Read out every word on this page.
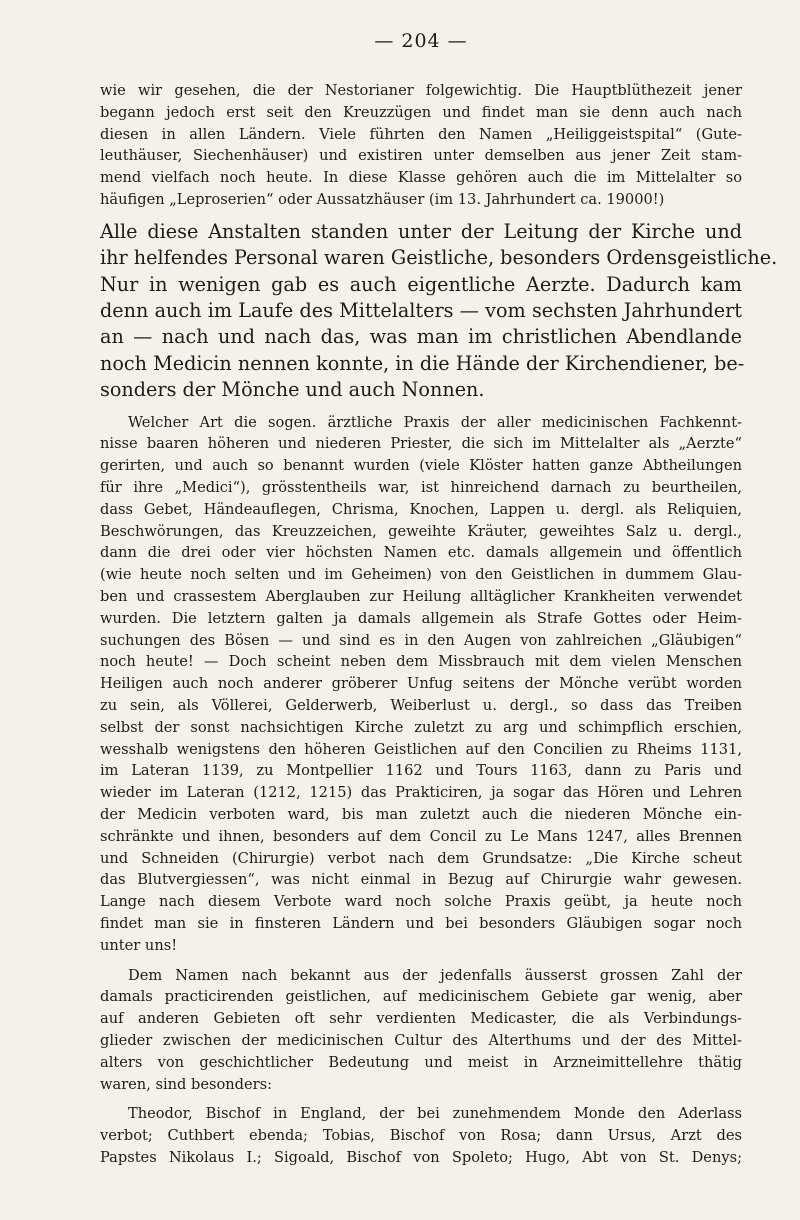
— 204 —
wie wir gesehen, die der Nestorianer folgewichtig. Die Hauptblüthezeit jener
begann jedoch erst seit den Kreuzzügen und findet man sie denn auch nach
diesen in allen Ländern. Viele führten den Namen „Heiliggeistspital“ (Gute-
leuthäuser, Siechenhäuser) und existiren unter demselben aus jener Zeit stam-
mend vielfach noch heute. In diese Klasse gehören auch die im Mittelalter so
häufigen „Leproserien“ oder Aussatzhäuser (im 13. Jahrhundert ca. 19000!)
Alle diese Anstalten standen unter der Leitung der Kirche und
ihr helfendes Personal waren Geistliche, besonders Ordensgeistliche.
Nur in wenigen gab es auch eigentliche Aerzte. Dadurch kam
denn auch im Laufe des Mittelalters — vom sechsten Jahrhundert
an — nach und nach das, was man im christlichen Abendlande
noch Medicin nennen konnte, in die Hände der Kirchendiener, be-
sonders der Mönche und auch Nonnen.
Welcher Art die sogen. ärztliche Praxis der aller medicinischen Fachkennt-
nisse baaren höheren und niederen Priester, die sich im Mittelalter als „Aerzte“
gerirten, und auch so benannt wurden (viele Klöster hatten ganze Abtheilungen
für ihre „Medici“), grösstentheils war, ist hinreichend darnach zu beurtheilen,
dass Gebet, Händeauflegen, Chrisma, Knochen, Lappen u. dergl. als Reliquien,
Beschwörungen, das Kreuzzeichen, geweihte Kräuter, geweihtes Salz u. dergl.,
dann die drei oder vier höchsten Namen etc. damals allgemein und öffentlich
(wie heute noch selten und im Geheimen) von den Geistlichen in dummem Glau-
ben und crassestem Aberglauben zur Heilung alltäglicher Krankheiten verwendet
wurden. Die letztern galten ja damals allgemein als Strafe Gottes oder Heim-
suchungen des Bösen — und sind es in den Augen von zahlreichen „Gläubigen“
noch heute! — Doch scheint neben dem Missbrauch mit dem vielen Menschen
Heiligen auch noch anderer gröberer Unfug seitens der Mönche verübt worden
zu sein, als Völlerei, Gelderwerb, Weiberlust u. dergl., so dass das Treiben
selbst der sonst nachsichtigen Kirche zuletzt zu arg und schimpflich erschien,
wesshalb wenigstens den höheren Geistlichen auf den Concilien zu Rheims 1131,
im Lateran 1139, zu Montpellier 1162 und Tours 1163, dann zu Paris und
wieder im Lateran (1212, 1215) das Prakticiren, ja sogar das Hören und Lehren
der Medicin verboten ward, bis man zuletzt auch die niederen Mönche ein-
schränkte und ihnen, besonders auf dem Concil zu Le Mans 1247, alles Brennen
und Schneiden (Chirurgie) verbot nach dem Grundsatze: „Die Kirche scheut
das Blutvergiessen“, was nicht einmal in Bezug auf Chirurgie wahr gewesen.
Lange nach diesem Verbote ward noch solche Praxis geübt, ja heute noch
findet man sie in finsteren Ländern und bei besonders Gläubigen sogar noch
unter uns!
Dem Namen nach bekannt aus der jedenfalls äusserst grossen Zahl der
damals practicirenden geistlichen, auf medicinischem Gebiete gar wenig, aber
auf anderen Gebieten oft sehr verdienten Medicaster, die als Verbindungs-
glieder zwischen der medicinischen Cultur des Alterthums und der des Mittel-
alters von geschichtlicher Bedeutung und meist in Arzneimittellehre thätig
waren, sind besonders:
Theodor, Bischof in England, der bei zunehmendem Monde den Aderlass
verbot; Cuthbert ebenda; Tobias, Bischof von Rosa; dann Ursus, Arzt des
Papstes Nikolaus I.; Sigoald, Bischof von Spoleto; Hugo, Abt von St. Denys;
